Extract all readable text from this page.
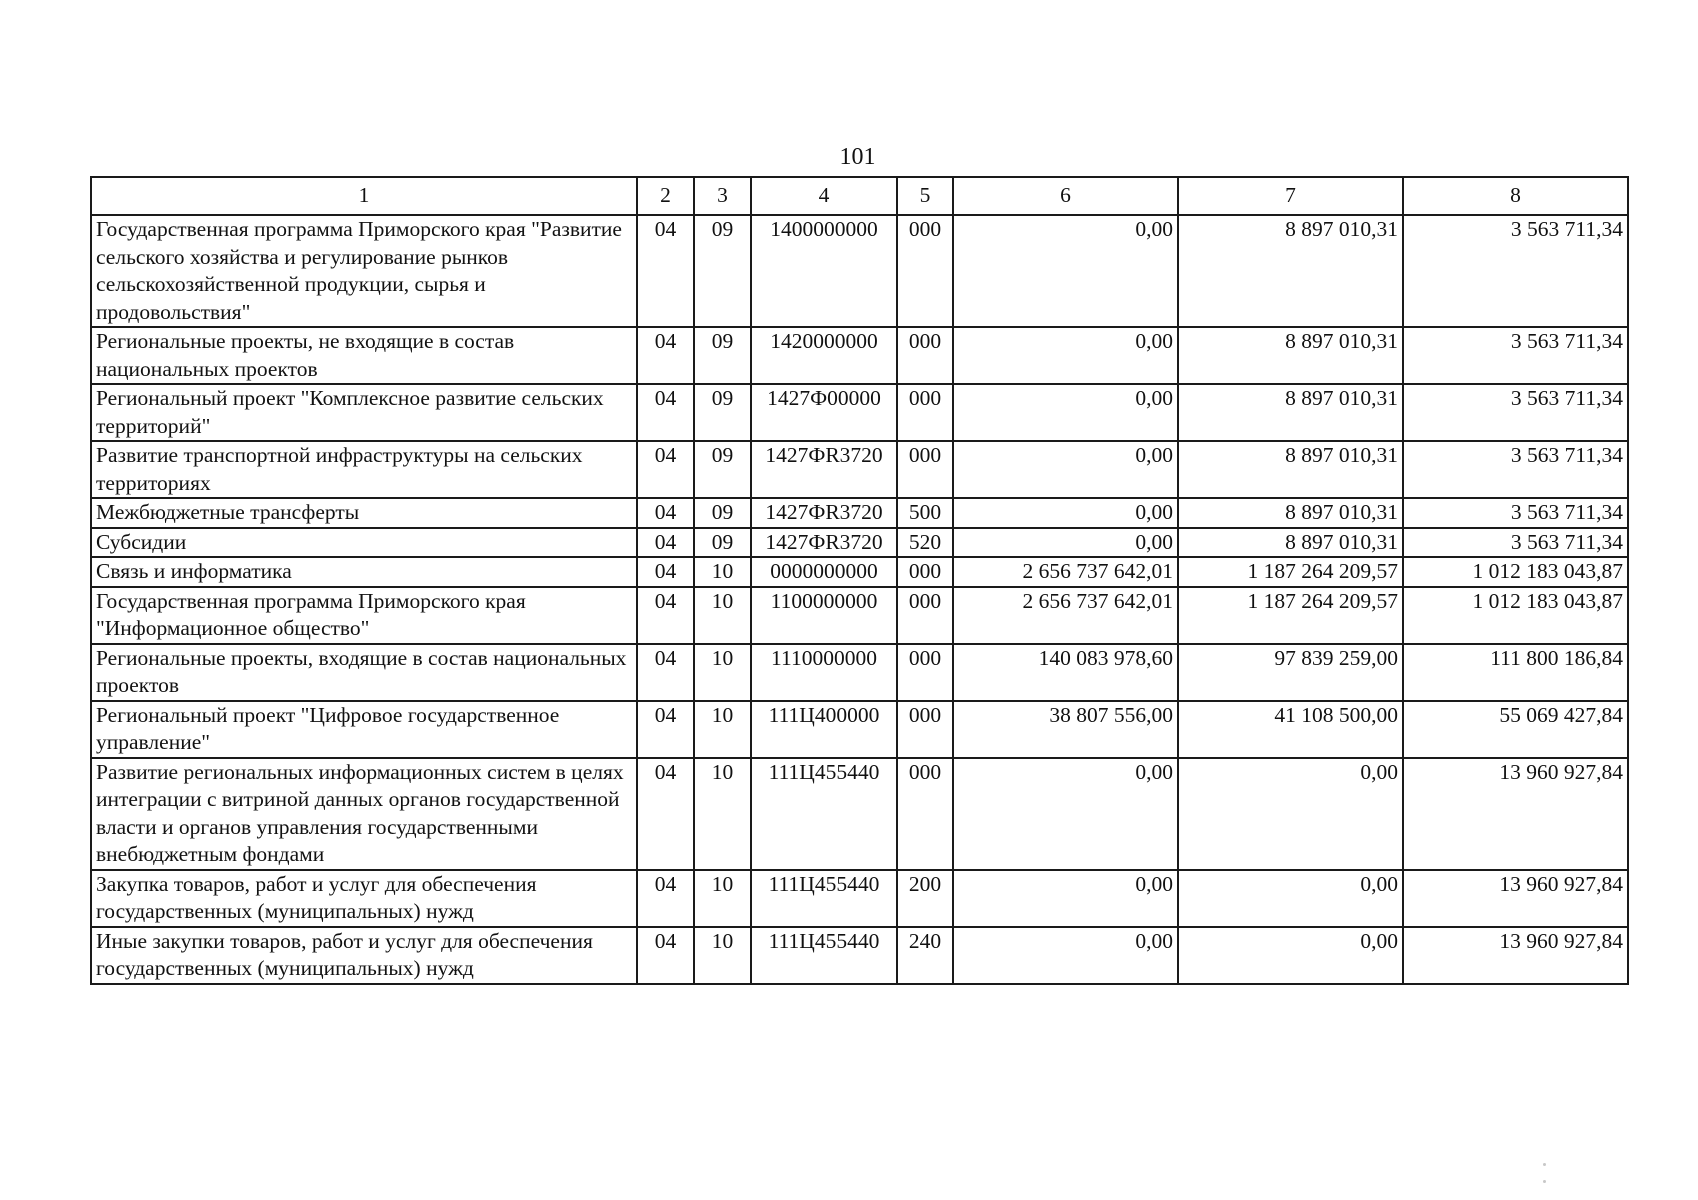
101
1	2	3	4	5	6	7	8
Государственная программа Приморского края "Развитие сельского хозяйства и регулирование рынков сельскохозяйственной продукции, сырья и продовольствия"	04	09	1400000000	000	0,00	8 897 010,31	3 563 711,34
Региональные проекты, не входящие в состав национальных проектов	04	09	1420000000	000	0,00	8 897 010,31	3 563 711,34
Региональный проект "Комплексное развитие сельских территорий"	04	09	1427Ф00000	000	0,00	8 897 010,31	3 563 711,34
Развитие транспортной инфраструктуры на сельских территориях	04	09	1427ФR3720	000	0,00	8 897 010,31	3 563 711,34
Межбюджетные трансферты	04	09	1427ФR3720	500	0,00	8 897 010,31	3 563 711,34
Субсидии	04	09	1427ФR3720	520	0,00	8 897 010,31	3 563 711,34
Связь и информатика	04	10	0000000000	000	2 656 737 642,01	1 187 264 209,57	1 012 183 043,87
Государственная программа Приморского края "Информационное общество"	04	10	1100000000	000	2 656 737 642,01	1 187 264 209,57	1 012 183 043,87
Региональные проекты, входящие в состав национальных проектов	04	10	1110000000	000	140 083 978,60	97 839 259,00	111 800 186,84
Региональный проект "Цифровое государственное управление"	04	10	111Ц400000	000	38 807 556,00	41 108 500,00	55 069 427,84
Развитие региональных информационных систем в целях интеграции с витриной данных органов государственной власти и органов управления государственными внебюджетным фондами	04	10	111Ц455440	000	0,00	0,00	13 960 927,84
Закупка товаров, работ и услуг для обеспечения государственных (муниципальных) нужд	04	10	111Ц455440	200	0,00	0,00	13 960 927,84
Иные закупки товаров, работ и услуг для обеспечения государственных (муниципальных) нужд	04	10	111Ц455440	240	0,00	0,00	13 960 927,84
